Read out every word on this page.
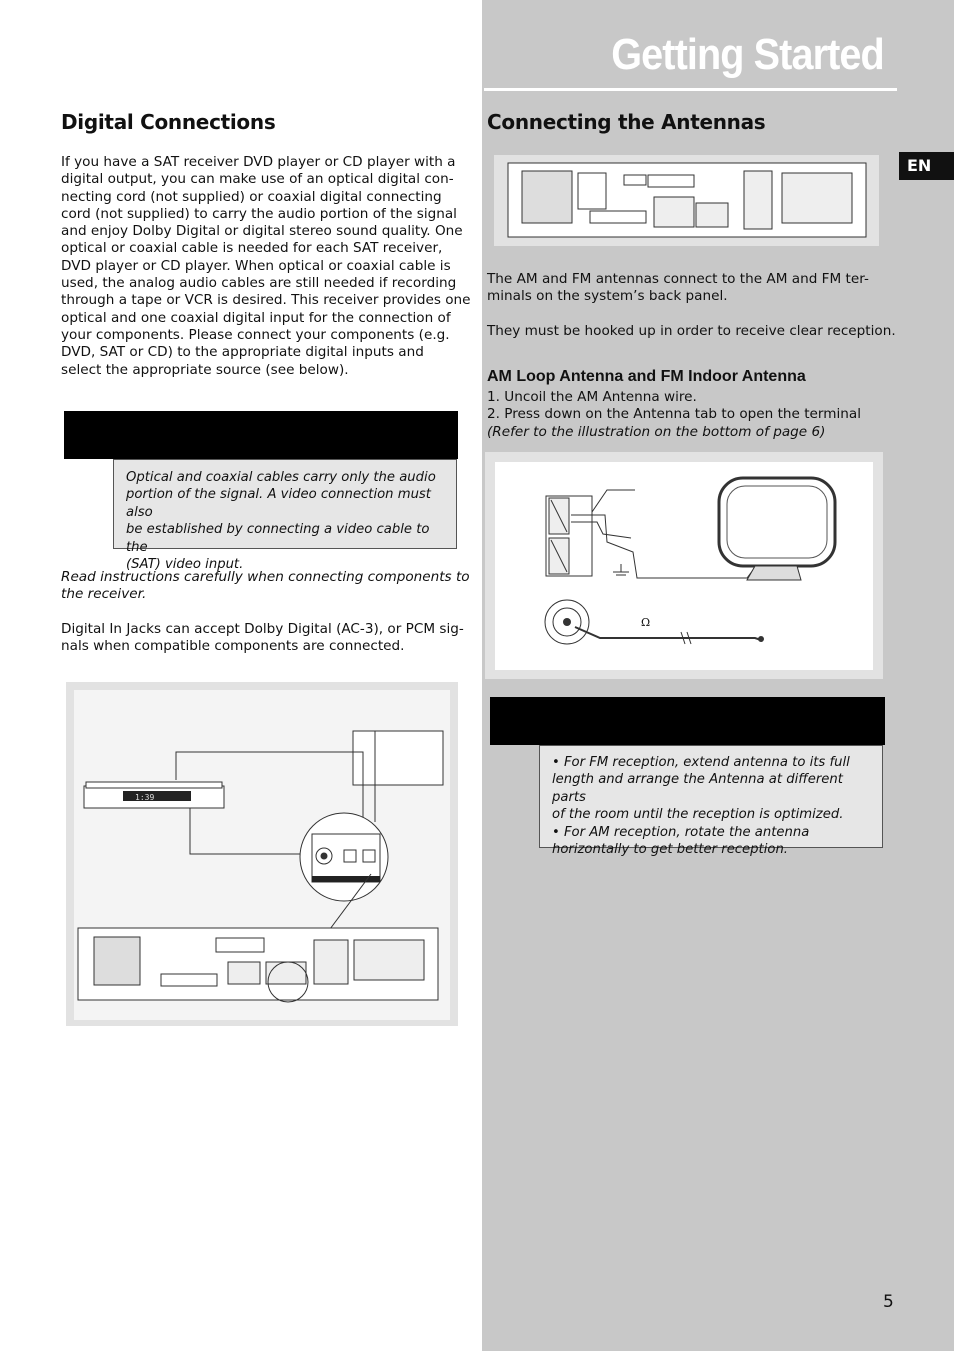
Getting Started
EN
Digital Connections

If you have a SAT receiver DVD player or CD player with a
digital output, you can make use of an optical digital con-
necting cord (not supplied) or coaxial digital connecting
cord (not supplied) to carry the audio portion of the signal
and enjoy Dolby Digital or digital stereo sound quality. One
optical or coaxial cable is needed for each SAT receiver,
DVD player or CD player. When optical or coaxial cable is
used, the analog audio cables are still needed if recording
through a tape or VCR is desired. This receiver provides one
optical and one coaxial digital input for the connection of
your components. Please connect your components (e.g.
DVD, SAT or CD) to the appropriate digital inputs and
select the appropriate source (see below).

Optical and coaxial cables carry only the audio
portion of the signal. A video connection must also
be established by connecting a video cable to the
(SAT) video input.

Read instructions carefully when connecting components to
the receiver.

Digital In Jacks can accept Dolby Digital (AC-3), or PCM sig-
nals when compatible components are connected.

1:39
Connecting the Antennas

The AM and FM antennas connect to the AM and FM ter-
minals on the system’s back panel.

They must be hooked up in order to receive clear reception.

AM Loop Antenna and FM Indoor Antenna

1. Uncoil the AM Antenna wire.
2. Press down on the Antenna tab to open the terminal
(Refer to the illustration on the bottom of page 6)

Ω

• For FM reception, extend antenna to its full
length and arrange the Antenna at different parts
of the room until the reception is optimized.
• For AM reception, rotate the antenna
horizontally to get better reception.

5
